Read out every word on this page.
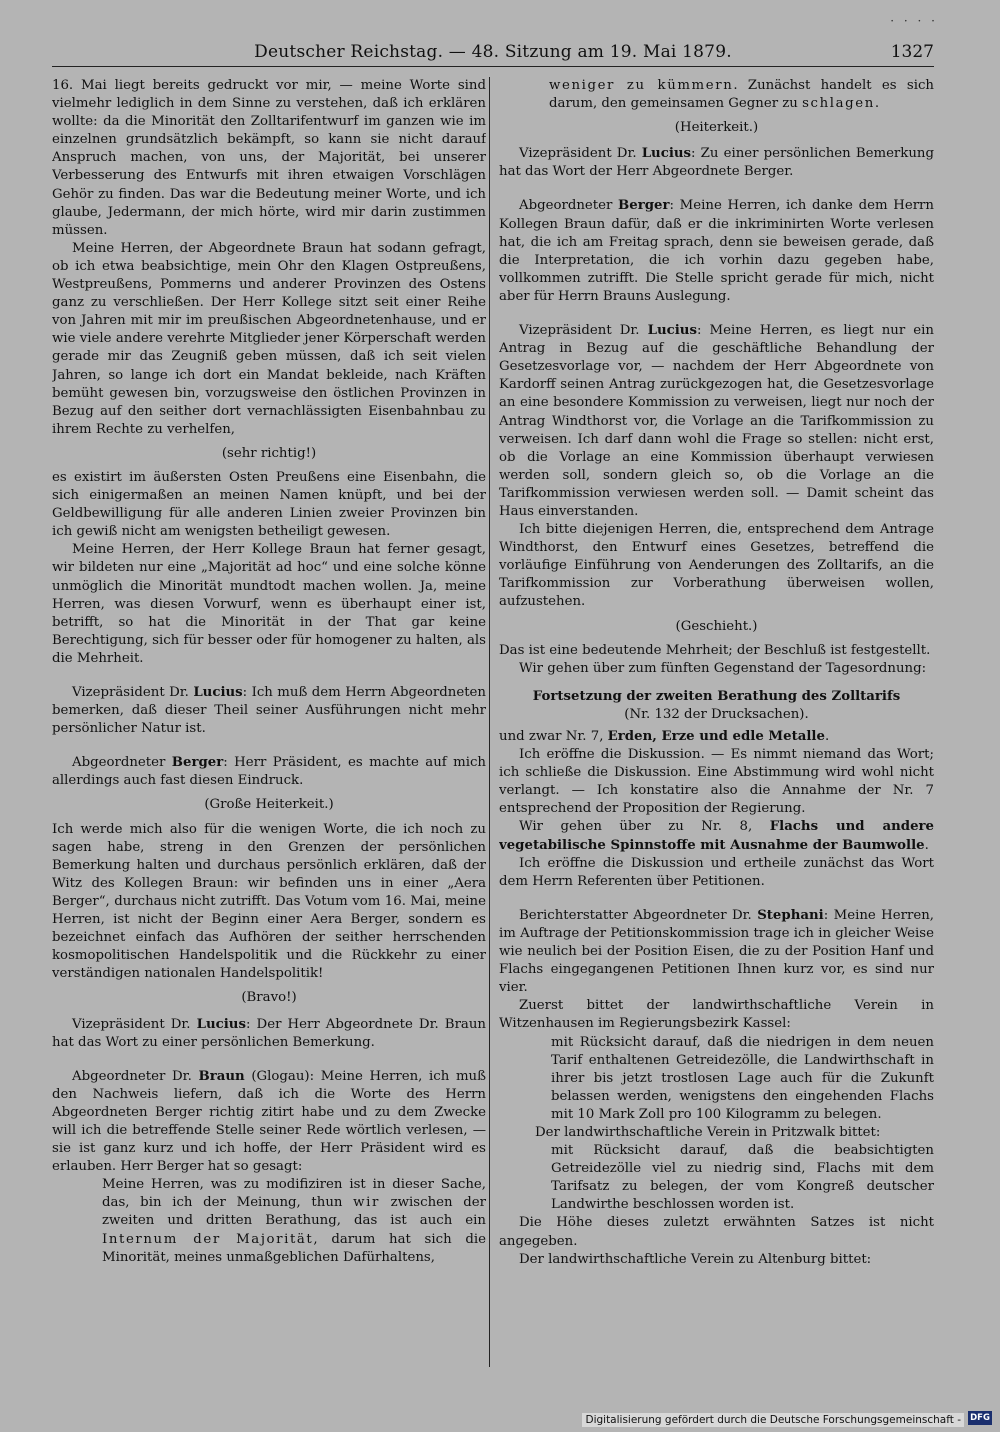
· · · ·
Deutscher Reichstag. — 48. Sitzung am 19. Mai 1879.	1327

16. Mai liegt bereits gedruckt vor mir, — meine Worte sind vielmehr lediglich in dem Sinne zu verstehen, daß ich erklären wollte: da die Minorität den Zolltarifentwurf im ganzen wie im einzelnen grundsätzlich bekämpft, so kann sie nicht darauf Anspruch machen, von uns, der Majorität, bei unserer Verbesserung des Entwurfs mit ihren etwaigen Vorschlägen Gehör zu finden. Das war die Bedeutung meiner Worte, und ich glaube, Jedermann, der mich hörte, wird mir darin zustimmen müssen.

Meine Herren, der Abgeordnete Braun hat sodann gefragt, ob ich etwa beabsichtige, mein Ohr den Klagen Ostpreußens, Westpreußens, Pommerns und anderer Provinzen des Ostens ganz zu verschließen. Der Herr Kollege sitzt seit einer Reihe von Jahren mit mir im preußischen Abgeordnetenhause, und er wie viele andere verehrte Mitglieder jener Körperschaft werden gerade mir das Zeugniß geben müssen, daß ich seit vielen Jahren, so lange ich dort ein Mandat bekleide, nach Kräften bemüht gewesen bin, vorzugsweise den östlichen Provinzen in Bezug auf den seither dort vernachlässigten Eisenbahnbau zu ihrem Rechte zu verhelfen,

(sehr richtig!)

es existirt im äußersten Osten Preußens eine Eisenbahn, die sich einigermaßen an meinen Namen knüpft, und bei der Geldbewilligung für alle anderen Linien zweier Provinzen bin ich gewiß nicht am wenigsten betheiligt gewesen.

Meine Herren, der Herr Kollege Braun hat ferner gesagt, wir bildeten nur eine „Majorität ad hoc“ und eine solche könne unmöglich die Minorität mundtodt machen wollen. Ja, meine Herren, was diesen Vorwurf, wenn es überhaupt einer ist, betrifft, so hat die Minorität in der That gar keine Berechtigung, sich für besser oder für homogener zu halten, als die Mehrheit.

Vizepräsident Dr. Lucius: Ich muß dem Herrn Abgeordneten bemerken, daß dieser Theil seiner Ausführungen nicht mehr persönlicher Natur ist.

Abgeordneter Berger: Herr Präsident, es machte auf mich allerdings auch fast diesen Eindruck.

(Große Heiterkeit.)

Ich werde mich also für die wenigen Worte, die ich noch zu sagen habe, streng in den Grenzen der persönlichen Bemerkung halten und durchaus persönlich erklären, daß der Witz des Kollegen Braun: wir befinden uns in einer „Aera Berger“, durchaus nicht zutrifft. Das Votum vom 16. Mai, meine Herren, ist nicht der Beginn einer Aera Berger, sondern es bezeichnet einfach das Aufhören der seither herrschenden kosmopolitischen Handelspolitik und die Rückkehr zu einer verständigen nationalen Handelspolitik!

(Bravo!)

Vizepräsident Dr. Lucius: Der Herr Abgeordnete Dr. Braun hat das Wort zu einer persönlichen Bemerkung.

Abgeordneter Dr. Braun (Glogau): Meine Herren, ich muß den Nachweis liefern, daß ich die Worte des Herrn Abgeordneten Berger richtig zitirt habe und zu dem Zwecke will ich die betreffende Stelle seiner Rede wörtlich verlesen, — sie ist ganz kurz und ich hoffe, der Herr Präsident wird es erlauben. Herr Berger hat so gesagt:

Meine Herren, was zu modifiziren ist in dieser Sache, das, bin ich der Meinung, thun wir zwischen der zweiten und dritten Berathung, das ist auch ein Internum der Majorität, darum hat sich die Minorität, meines unmaßgeblichen Dafürhaltens,

weniger zu kümmern. Zunächst handelt es sich darum, den gemeinsamen Gegner zu schlagen.

(Heiterkeit.)

Vizepräsident Dr. Lucius: Zu einer persönlichen Bemerkung hat das Wort der Herr Abgeordnete Berger.

Abgeordneter Berger: Meine Herren, ich danke dem Herrn Kollegen Braun dafür, daß er die inkriminirten Worte verlesen hat, die ich am Freitag sprach, denn sie beweisen gerade, daß die Interpretation, die ich vorhin dazu gegeben habe, vollkommen zutrifft. Die Stelle spricht gerade für mich, nicht aber für Herrn Brauns Auslegung.

Vizepräsident Dr. Lucius: Meine Herren, es liegt nur ein Antrag in Bezug auf die geschäftliche Behandlung der Gesetzesvorlage vor, — nachdem der Herr Abgeordnete von Kardorff seinen Antrag zurückgezogen hat, die Gesetzesvorlage an eine besondere Kommission zu verweisen, liegt nur noch der Antrag Windthorst vor, die Vorlage an die Tarifkommission zu verweisen. Ich darf dann wohl die Frage so stellen: nicht erst, ob die Vorlage an eine Kommission überhaupt verwiesen werden soll, sondern gleich so, ob die Vorlage an die Tarifkommission verwiesen werden soll. — Damit scheint das Haus einverstanden.

Ich bitte diejenigen Herren, die, entsprechend dem Antrage Windthorst, den Entwurf eines Gesetzes, betreffend die vorläufige Einführung von Aenderungen des Zolltarifs, an die Tarifkommission zur Vorberathung überweisen wollen, aufzustehen.

(Geschieht.)

Das ist eine bedeutende Mehrheit; der Beschluß ist festgestellt.

Wir gehen über zum fünften Gegenstand der Tagesordnung:

Fortsetzung der zweiten Berathung des Zolltarifs
(Nr. 132 der Drucksachen).

und zwar Nr. 7, Erden, Erze und edle Metalle.

Ich eröffne die Diskussion. — Es nimmt niemand das Wort; ich schließe die Diskussion. Eine Abstimmung wird wohl nicht verlangt. — Ich konstatire also die Annahme der Nr. 7 entsprechend der Proposition der Regierung.

Wir gehen über zu Nr. 8, Flachs und andere vegetabilische Spinnstoffe mit Ausnahme der Baumwolle.

Ich eröffne die Diskussion und ertheile zunächst das Wort dem Herrn Referenten über Petitionen.

Berichterstatter Abgeordneter Dr. Stephani: Meine Herren, im Auftrage der Petitionskommission trage ich in gleicher Weise wie neulich bei der Position Eisen, die zu der Position Hanf und Flachs eingegangenen Petitionen Ihnen kurz vor, es sind nur vier.

Zuerst bittet der landwirthschaftliche Verein in Witzenhausen im Regierungsbezirk Kassel:

mit Rücksicht darauf, daß die niedrigen in dem neuen Tarif enthaltenen Getreidezölle, die Landwirthschaft in ihrer bis jetzt trostlosen Lage auch für die Zukunft belassen werden, wenigstens den eingehenden Flachs mit 10 Mark Zoll pro 100 Kilogramm zu belegen.

Der landwirthschaftliche Verein in Pritzwalk bittet:

mit Rücksicht darauf, daß die beabsichtigten Getreidezölle viel zu niedrig sind, Flachs mit dem Tarifsatz zu belegen, der vom Kongreß deutscher Landwirthe beschlossen worden ist.

Die Höhe dieses zuletzt erwähnten Satzes ist nicht angegeben.

Der landwirthschaftliche Verein zu Altenburg bittet:

Digitalisierung gefördert durch die Deutsche Forschungsgemeinschaft -	DFG
